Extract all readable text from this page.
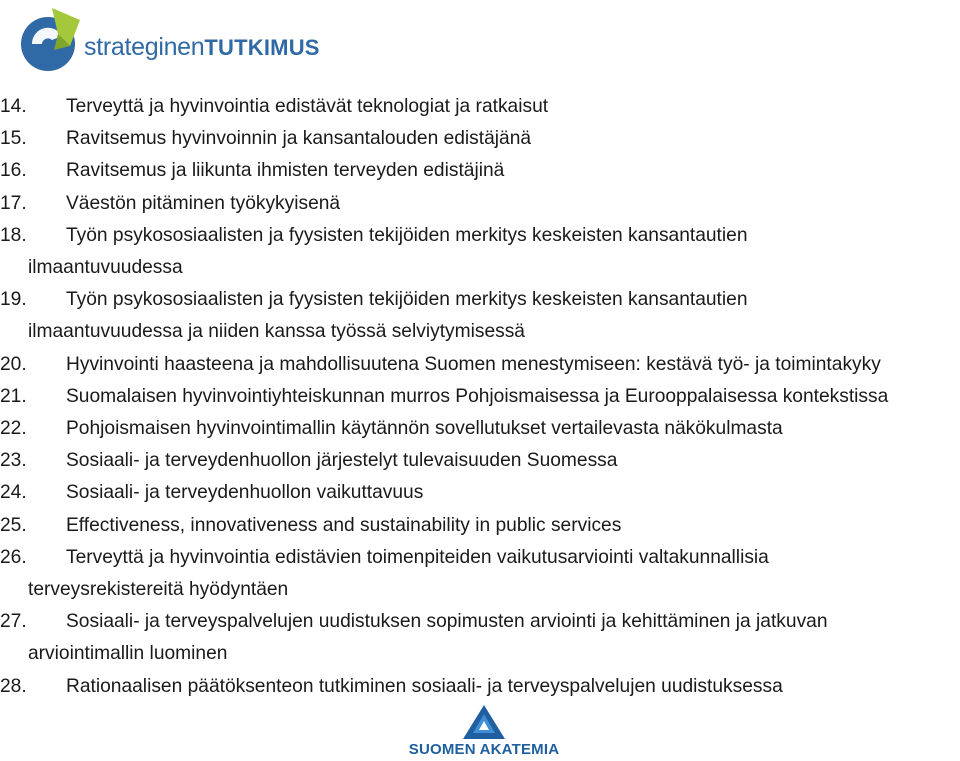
strateginenTUTKIMUS
14.	Terveyttä ja hyvinvointia edistävät teknologiat ja ratkaisut
15.	Ravitsemus hyvinvoinnin ja kansantalouden edistäjänä
16.	Ravitsemus ja liikunta ihmisten terveyden edistäjinä
17.	Väestön pitäminen työkykyisenä
18.	Työn psykososiaalisten ja fyysisten tekijöiden merkitys keskeisten kansantautien
ilmaantuvuudessa
19.	Työn psykososiaalisten ja fyysisten tekijöiden merkitys keskeisten kansantautien
ilmaantuvuudessa ja niiden kanssa työssä selviytymisessä
20.	Hyvinvointi haasteena ja mahdollisuutena Suomen menestymiseen: kestävä työ- ja toimintakyky
21.	Suomalaisen hyvinvointiyhteiskunnan murros Pohjoismaisessa ja Eurooppalaisessa kontekstissa
22.	Pohjoismaisen hyvinvointimallin käytännön sovellutukset vertailevasta näkökulmasta
23.	Sosiaali- ja terveydenhuollon järjestelyt tulevaisuuden Suomessa
24.	Sosiaali- ja terveydenhuollon vaikuttavuus
25.	Effectiveness, innovativeness and sustainability in public services
26.	Terveyttä ja hyvinvointia edistävien toimenpiteiden vaikutusarviointi valtakunnallisia
terveysrekistereitä hyödyntäen
27.	Sosiaali- ja terveyspalvelujen uudistuksen sopimusten arviointi ja kehittäminen ja jatkuvan
arviointimallin luominen
28.	Rationaalisen päätöksenteon tutkiminen sosiaali- ja terveyspalvelujen uudistuksessa
SUOMEN AKATEMIA
